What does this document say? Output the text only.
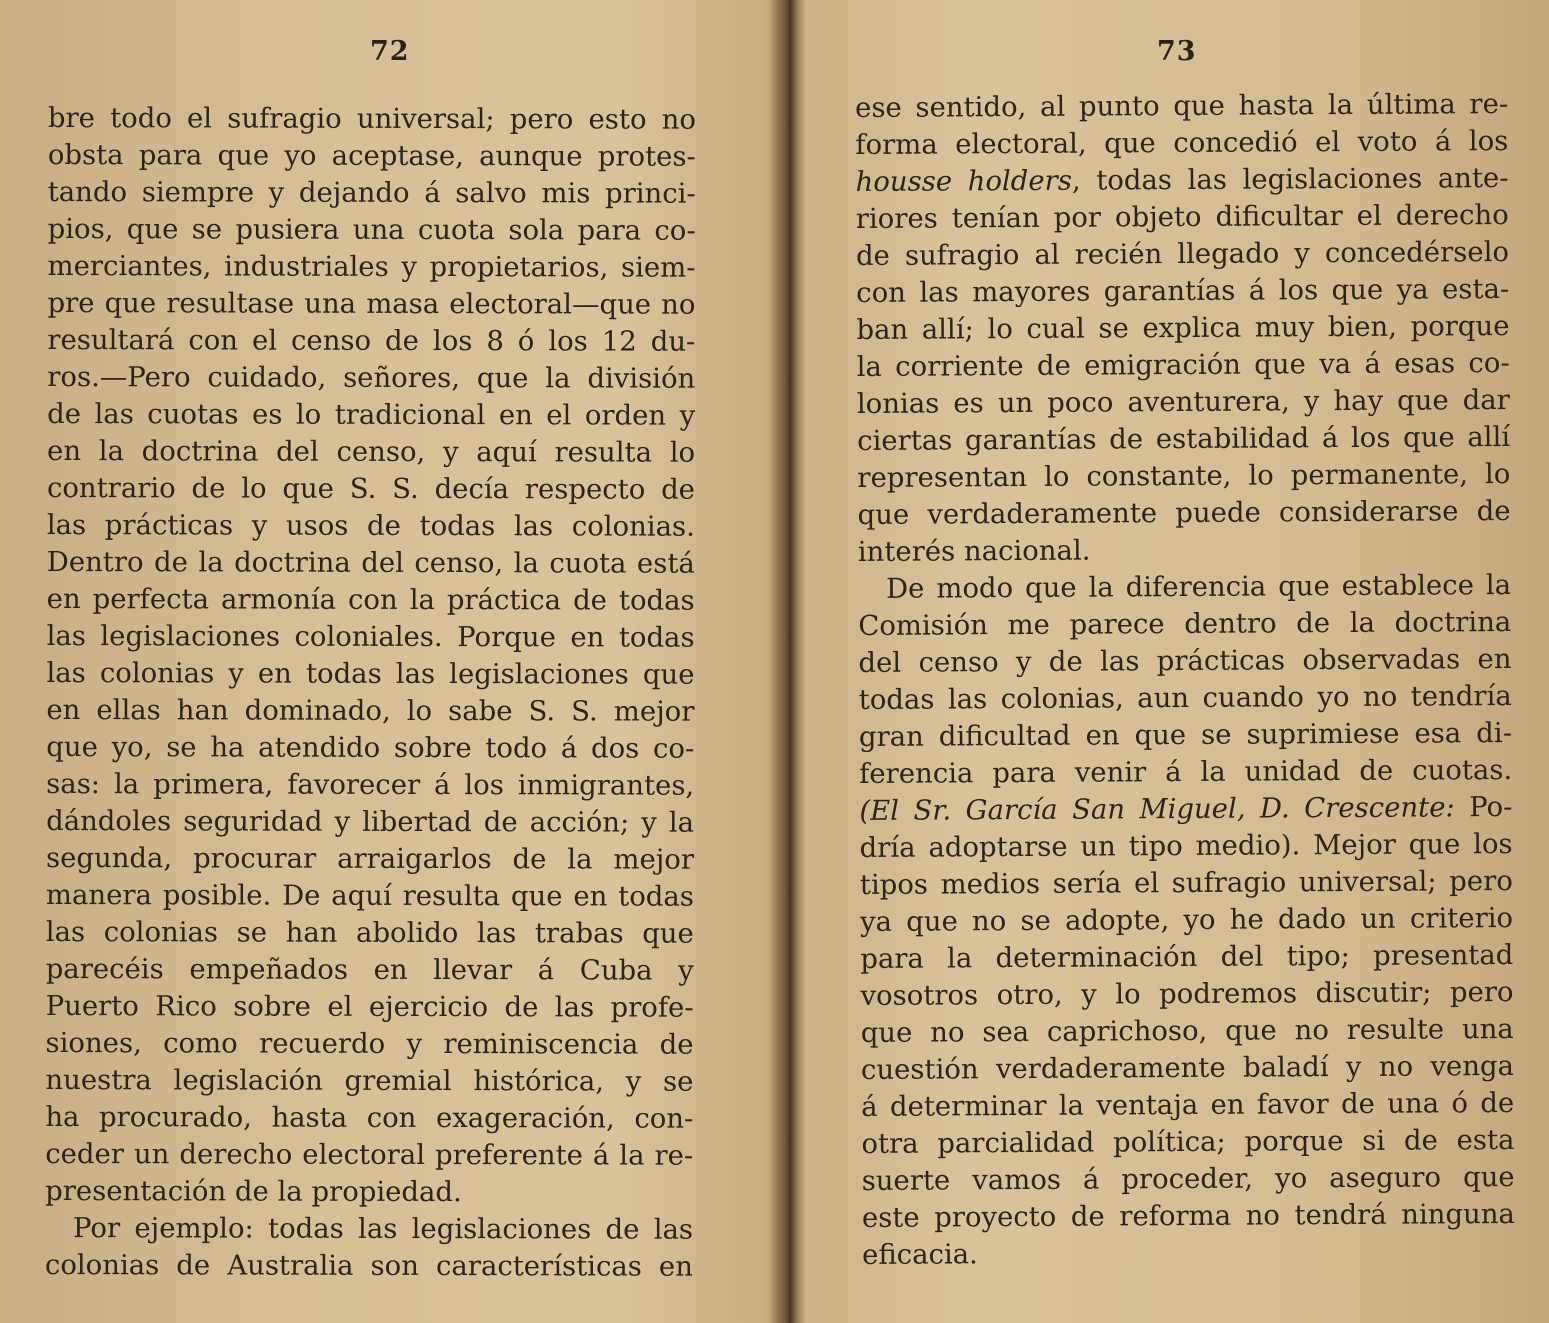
72
bre todo el sufragio universal; pero esto no
obsta para que yo aceptase, aunque protes-
tando siempre y dejando á salvo mis princi-
pios, que se pusiera una cuota sola para co-
merciantes, industriales y propietarios, siem-
pre que resultase una masa electoral—que no
resultará con el censo de los 8 ó los 12 du-
ros.—Pero cuidado, señores, que la división
de las cuotas es lo tradicional en el orden y
en la doctrina del censo, y aquí resulta lo
contrario de lo que S. S. decía respecto de
las prácticas y usos de todas las colonias.
Dentro de la doctrina del censo, la cuota está
en perfecta armonía con la práctica de todas
las legislaciones coloniales. Porque en todas
las colonias y en todas las legislaciones que
en ellas han dominado, lo sabe S. S. mejor
que yo, se ha atendido sobre todo á dos co-
sas: la primera, favorecer á los inmigrantes,
dándoles seguridad y libertad de acción; y la
segunda, procurar arraigarlos de la mejor
manera posible. De aquí resulta que en todas
las colonias se han abolido las trabas que
parecéis empeñados en llevar á Cuba y
Puerto Rico sobre el ejercicio de las profe-
siones, como recuerdo y reminiscencia de
nuestra legislación gremial histórica, y se
ha procurado, hasta con exageración, con-
ceder un derecho electoral preferente á la re-
presentación de la propiedad.
Por ejemplo: todas las legislaciones de las
colonias de Australia son características en
73
ese sentido, al punto que hasta la última re-
forma electoral, que concedió el voto á los
housse holders, todas las legislaciones ante-
riores tenían por objeto dificultar el derecho
de sufragio al recién llegado y concedérselo
con las mayores garantías á los que ya esta-
ban allí; lo cual se explica muy bien, porque
la corriente de emigración que va á esas co-
lonias es un poco aventurera, y hay que dar
ciertas garantías de estabilidad á los que allí
representan lo constante, lo permanente, lo
que verdaderamente puede considerarse de
interés nacional.
De modo que la diferencia que establece la
Comisión me parece dentro de la doctrina
del censo y de las prácticas observadas en
todas las colonias, aun cuando yo no tendría
gran dificultad en que se suprimiese esa di-
ferencia para venir á la unidad de cuotas.
(El Sr. García San Miguel, D. Crescente: Po-
dría adoptarse un tipo medio). Mejor que los
tipos medios sería el sufragio universal; pero
ya que no se adopte, yo he dado un criterio
para la determinación del tipo; presentad
vosotros otro, y lo podremos discutir; pero
que no sea caprichoso, que no resulte una
cuestión verdaderamente baladí y no venga
á determinar la ventaja en favor de una ó de
otra parcialidad política; porque si de esta
suerte vamos á proceder, yo aseguro que
este proyecto de reforma no tendrá ninguna
eficacia.
